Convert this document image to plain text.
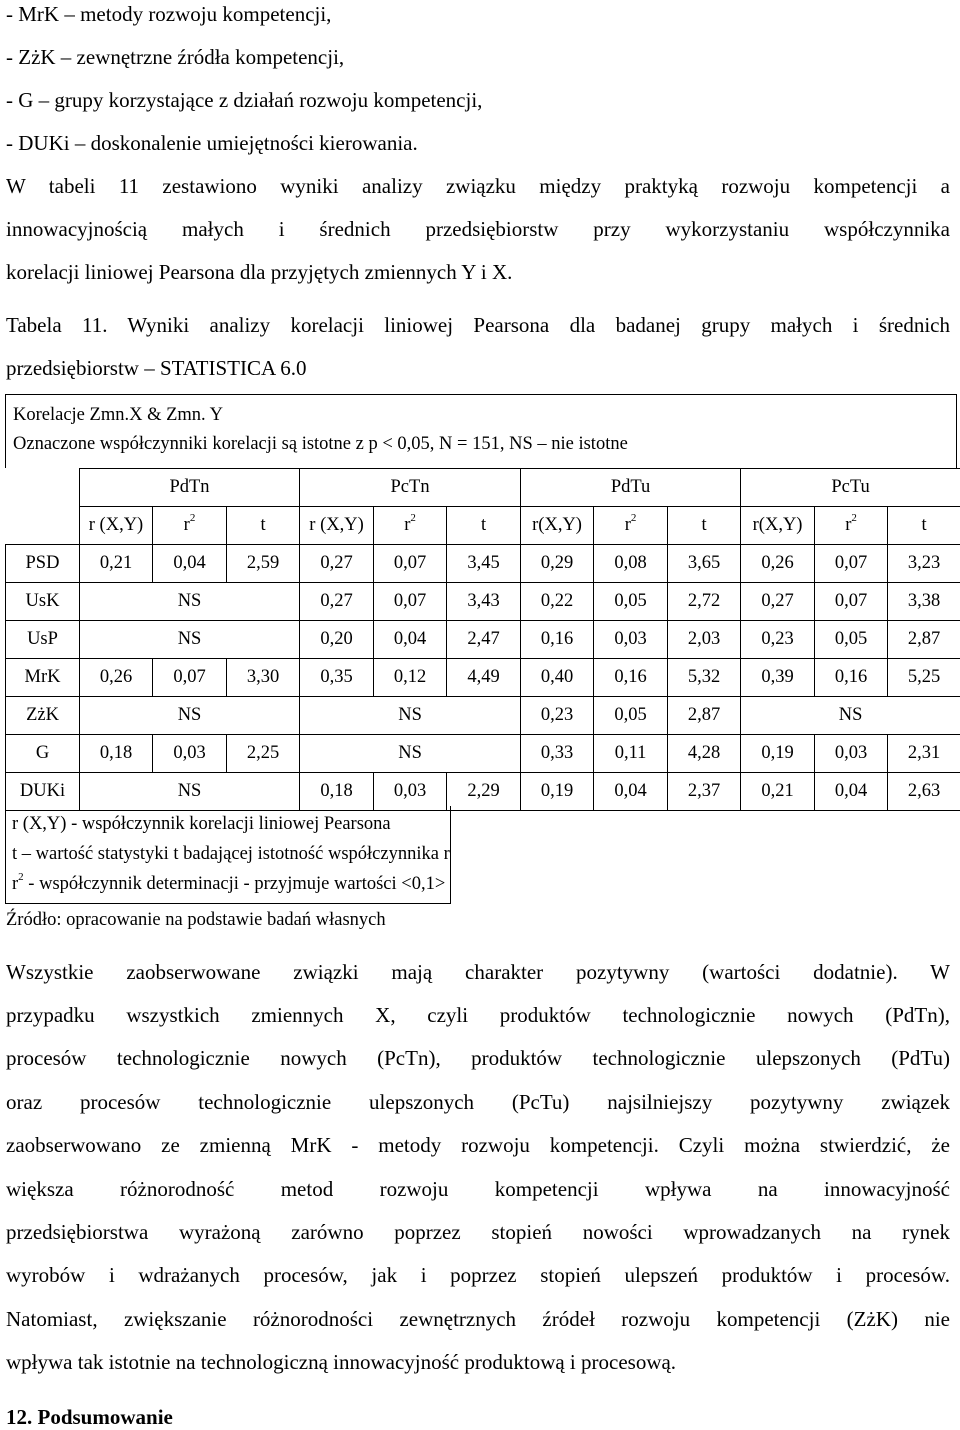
- MrK – metody rozwoju kompetencji,
- ZżK – zewnętrzne źródła kompetencji,
- G – grupy korzystające z działań rozwoju kompetencji,
- DUKi – doskonalenie umiejętności kierowania.
W tabeli 11 zestawiono wyniki analizy związku między praktyką rozwoju kompetencji a
innowacyjnością małych i średnich przedsiębiorstw przy wykorzystaniu współczynnika
korelacji liniowej Pearsona dla przyjętych zmiennych Y i X.
Tabela 11. Wyniki analizy korelacji liniowej Pearsona dla badanej grupy małych i średnich
przedsiębiorstw – STATISTICA 6.0
Korelacje Zmn.X & Zmn. Y
Oznaczone współczynniki korelacji są istotne z p < 0,05, N = 151, NS – nie istotne
	PdTn			PcTn			PdTu			PcTu		
	r (X,Y)	$r^2$	t	r (X,Y)	$r^2$	t	r(X,Y)	$r^2$	t	r(X,Y)	$r^2$	t
PSD	0,21	0,04	2,59	0,27	0,07	3,45	0,29	0,08	3,65	0,26	0,07	3,23
UsK	NS			0,27	0,07	3,43	0,22	0,05	2,72	0,27	0,07	3,38
UsP	NS			0,20	0,04	2,47	0,16	0,03	2,03	0,23	0,05	2,87
MrK	0,26	0,07	3,30	0,35	0,12	4,49	0,40	0,16	5,32	0,39	0,16	5,25
ZżK	NS			NS			0,23	0,05	2,87	NS		
G	0,18	0,03	2,25	NS			0,33	0,11	4,28	0,19	0,03	2,31
DUKi	NS			0,18	0,03	2,29	0,19	0,04	2,37	0,21	0,04	2,63
r (X,Y) - współczynnik korelacji liniowej Pearsona
t – wartość statystyki t badającej istotność współczynnika r
$r^2$ - współczynnik determinacji - przyjmuje wartości <0,1>
Źródło: opracowanie na podstawie badań własnych
Wszystkie zaobserwowane związki mają charakter pozytywny (wartości dodatnie). W
przypadku wszystkich zmiennych X, czyli produktów technologicznie nowych (PdTn),
procesów technologicznie nowych (PcTn), produktów technologicznie ulepszonych (PdTu)
oraz procesów technologicznie ulepszonych (PcTu) najsilniejszy pozytywny związek
zaobserwowano ze zmienną MrK - metody rozwoju kompetencji. Czyli można stwierdzić, że
większa różnorodność metod rozwoju kompetencji wpływa na innowacyjność
przedsiębiorstwa wyrażoną zarówno poprzez stopień nowości wprowadzanych na rynek
wyrobów i wdrażanych procesów, jak i poprzez stopień ulepszeń produktów i procesów.
Natomiast, zwiększanie różnorodności zewnętrznych źródeł rozwoju kompetencji (ZżK) nie
wpływa tak istotnie na technologiczną innowacyjność produktową i procesową.
12. Podsumowanie
